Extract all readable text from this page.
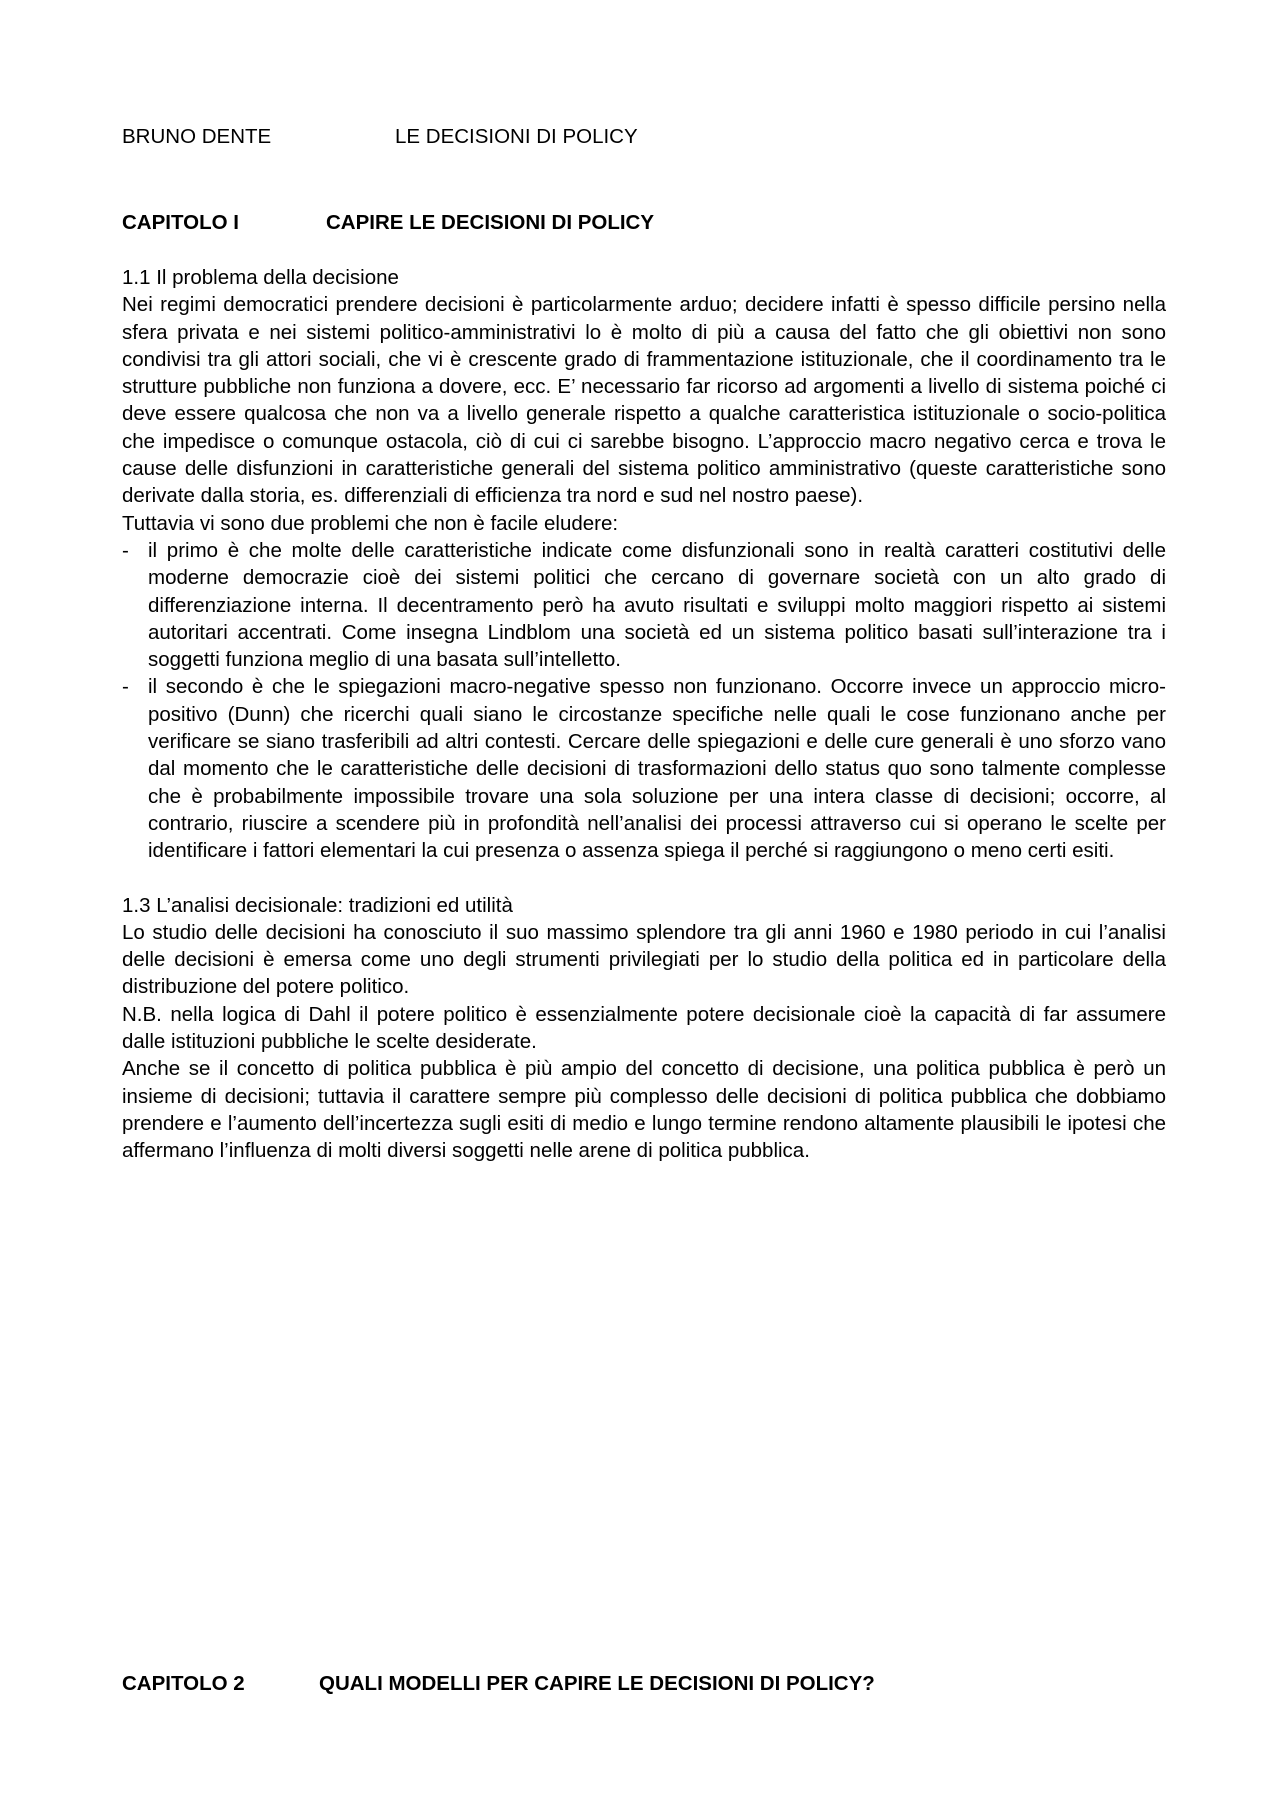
BRUNO DENTE	LE DECISIONI DI POLICY
CAPITOLO I	CAPIRE LE DECISIONI DI POLICY
1.1 Il problema della decisione

Nei regimi democratici prendere decisioni è particolarmente arduo; decidere infatti è spesso difficile persino nella sfera privata e nei sistemi politico-amministrativi lo è molto di più a causa del fatto che gli obiettivi non sono condivisi tra gli attori sociali, che vi è crescente grado di frammentazione istituzionale, che il coordinamento tra le strutture pubbliche non funziona a dovere, ecc. E’ necessario far ricorso ad argomenti a livello di sistema poiché ci deve essere qualcosa che non va a livello generale rispetto a qualche caratteristica istituzionale o socio-politica che impedisce o comunque ostacola, ciò di cui ci sarebbe bisogno. L’approccio macro negativo cerca e trova le cause delle disfunzioni in caratteristiche generali del sistema politico amministrativo (queste caratteristiche sono derivate dalla storia, es. differenziali di efficienza tra nord e sud nel nostro paese).

Tuttavia vi sono due problemi che non è facile eludere:

- il primo è che molte delle caratteristiche indicate come disfunzionali sono in realtà caratteri costitutivi delle moderne democrazie cioè dei sistemi politici che cercano di governare società con un alto grado di differenziazione interna. Il decentramento però ha avuto risultati e sviluppi molto maggiori rispetto ai sistemi autoritari accentrati. Come insegna Lindblom una società ed un sistema politico basati sull’interazione tra i soggetti funziona meglio di una basata sull’intelletto.
- il secondo è che le spiegazioni macro-negative spesso non funzionano. Occorre invece un approccio micro-positivo (Dunn) che ricerchi quali siano le circostanze specifiche nelle quali le cose funzionano anche per verificare se siano trasferibili ad altri contesti. Cercare delle spiegazioni e delle cure generali è uno sforzo vano dal momento che le caratteristiche delle decisioni di trasformazioni dello status quo sono talmente complesse che è probabilmente impossibile trovare una sola soluzione per una intera classe di decisioni; occorre, al contrario, riuscire a scendere più in profondità nell’analisi dei processi attraverso cui si operano le scelte per identificare i fattori elementari la cui presenza o assenza spiega il perché si raggiungono o meno certi esiti.
1.3 L’analisi decisionale: tradizioni ed utilità

Lo studio delle decisioni ha conosciuto il suo massimo splendore tra gli anni 1960 e 1980 periodo in cui l’analisi delle decisioni è emersa come uno degli strumenti privilegiati per lo studio della politica ed in particolare della distribuzione del potere politico.

N.B. nella logica di Dahl il potere politico è essenzialmente potere decisionale cioè la capacità di far assumere dalle istituzioni pubbliche le scelte desiderate.

Anche se il concetto di politica pubblica è più ampio del concetto di decisione, una politica pubblica è però un insieme di decisioni; tuttavia il carattere sempre più complesso delle decisioni di politica pubblica che dobbiamo prendere e l’aumento dell’incertezza sugli esiti di medio e lungo termine rendono altamente plausibili le ipotesi che affermano l’influenza di molti diversi soggetti nelle arene di politica pubblica.

CAPITOLO 2	QUALI MODELLI PER CAPIRE LE DECISIONI DI POLICY?
